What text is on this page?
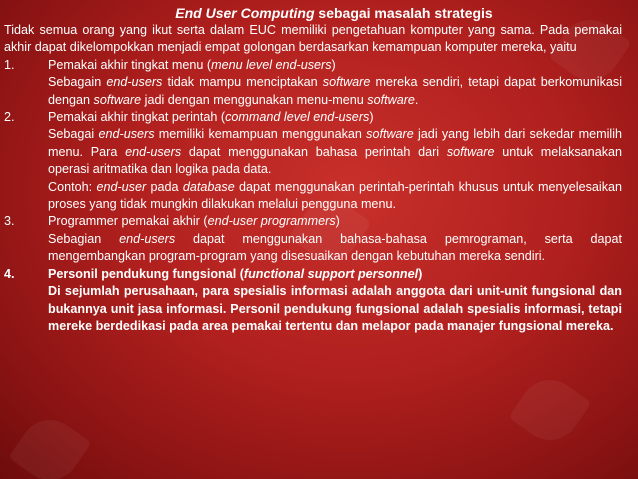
End User Computing sebagai masalah strategis

Tidak semua orang yang ikut serta dalam EUC memiliki pengetahuan komputer yang sama. Pada pemakai akhir dapat dikelompokkan menjadi empat golongan berdasarkan kemampuan komputer mereka, yaitu

1.	Pemakai akhir tingkat menu (menu level end-users)

Sebagain end-users tidak mampu menciptakan software mereka sendiri, tetapi dapat berkomunikasi dengan software jadi dengan menggunakan menu-menu software.

2.	Pemakai akhir tingkat perintah (command level end-users)

Sebagai end-users memiliki kemampuan menggunakan software jadi yang lebih dari sekedar memilih menu. Para end-users dapat menggunakan bahasa perintah dari software untuk melaksanakan operasi aritmatika dan logika pada data.

Contoh: end-user pada database dapat menggunakan perintah-perintah khusus untuk menyelesaikan proses yang tidak mungkin dilakukan melalui pengguna menu.

3.	Programmer pemakai akhir (end-user programmers)

Sebagian end-users dapat menggunakan bahasa-bahasa pemrograman, serta dapat mengembangkan program-program yang disesuaikan dengan kebutuhan mereka sendiri.

4.	Personil pendukung fungsional (functional support personnel)

Di sejumlah perusahaan, para spesialis informasi adalah anggota dari unit-unit fungsional dan bukannya unit jasa informasi. Personil pendukung fungsional adalah spesialis informasi, tetapi mereke berdedikasi pada area pemakai tertentu dan melapor pada manajer fungsional mereka.
